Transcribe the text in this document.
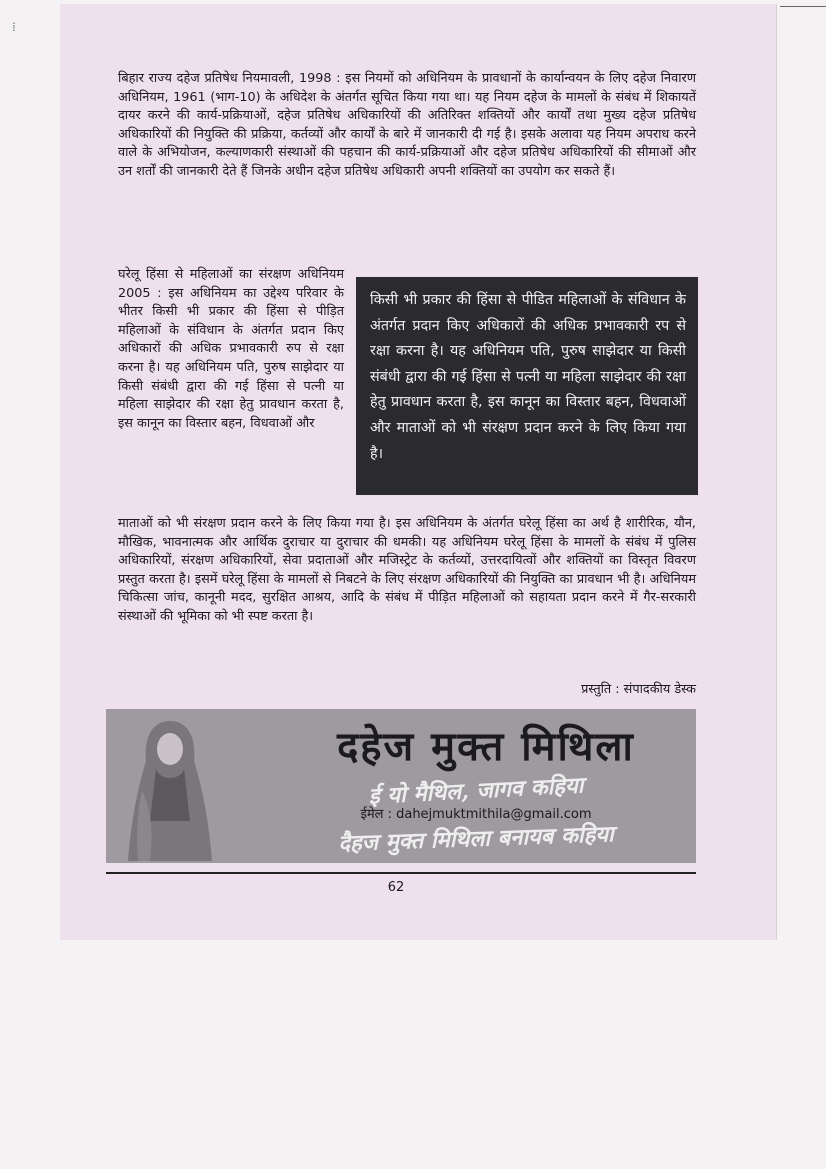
⁞

बिहार राज्य दहेज प्रतिषेध नियमावली, 1998 : इस नियमों को अधिनियम के प्रावधानों के कार्यान्वयन के लिए दहेज निवारण अधिनियम, 1961 (भाग-10) के अधिदेश के अंतर्गत सूचित किया गया था। यह नियम दहेज के मामलों के संबंध में शिकायतें दायर करने की कार्य-प्रक्रियाओं, दहेज प्रतिषेध अधिकारियों की अतिरिक्त शक्तियों और कार्यों तथा मुख्य दहेज प्रतिषेध अधिकारियों की नियुक्ति की प्रक्रिया, कर्तव्यों और कार्यों के बारे में जानकारी दी गई है। इसके अलावा यह नियम अपराध करने वाले के अभियोजन, कल्याणकारी संस्थाओं की पहचान की कार्य-प्रक्रियाओं और दहेज प्रतिषेध अधिकारियों की सीमाओं और उन शर्तों की जानकारी देते हैं जिनके अधीन दहेज प्रतिषेध अधिकारी अपनी शक्तियों का उपयोग कर सकते हैं।

घरेलू हिंसा से महिलाओं का संरक्षण अधिनियम 2005 : इस अधिनियम का उद्देश्य परिवार के भीतर किसी भी प्रकार की हिंसा से पीड़ित महिलाओं के संविधान के अंतर्गत प्रदान किए अधिकारों की अधिक प्रभावकारी रुप से रक्षा करना है। यह अधिनियम पति, पुरुष साझेदार या किसी संबंधी द्वारा की गई हिंसा से पत्नी या महिला साझेदार की रक्षा हेतु प्रावधान करता है, इस कानून का विस्तार बहन, विधवाओं और

किसी भी प्रकार की हिंसा से पीडित महिलाओं के संविधान के अंतर्गत प्रदान किए अधिकारों की अधिक प्रभावकारी रप से रक्षा करना है। यह अधिनियम पति, पुरुष साझेदार या किसी संबंधी द्वारा की गई हिंसा से पत्नी या महिला साझेदार की रक्षा हेतु प्रावधान करता है, इस कानून का विस्तार बहन, विधवाओं और माताओं को भी संरक्षण प्रदान करने के लिए किया गया है।

माताओं को भी संरक्षण प्रदान करने के लिए किया गया है। इस अधिनियम के अंतर्गत घरेलू हिंसा का अर्थ है शारीरिक, यौन, मौखिक, भावनात्मक और आर्थिक दुराचार या दुराचार की धमकी। यह अधिनियम घरेलू हिंसा के मामलों के संबंध में पुलिस अधिकारियों, संरक्षण अधिकारियों, सेवा प्रदाताओं और मजिस्ट्रेट के कर्तव्यों, उत्तरदायित्वों और शक्तियों का विस्तृत विवरण प्रस्तुत करता है। इसमें घरेलू हिंसा के मामलों से निबटने के लिए संरक्षण अधिकारियों की नियुक्ति का प्रावधान भी है। अधिनियम चिकित्सा जांच, कानूनी मदद, सुरक्षित आश्रय, आदि के संबंध में पीड़ित महिलाओं को सहायता प्रदान करने में गैर-सरकारी संस्थाओं की भूमिका को भी स्पष्ट करता है।

प्रस्तुति : संपादकीय डेस्क
दहेज मुक्त मिथिला
ई यो मैथिल, जागव कहिया
ईमेल : dahejmuktmithila@gmail.com
दैहज मुक्त मिथिला बनायब कहिया
62
